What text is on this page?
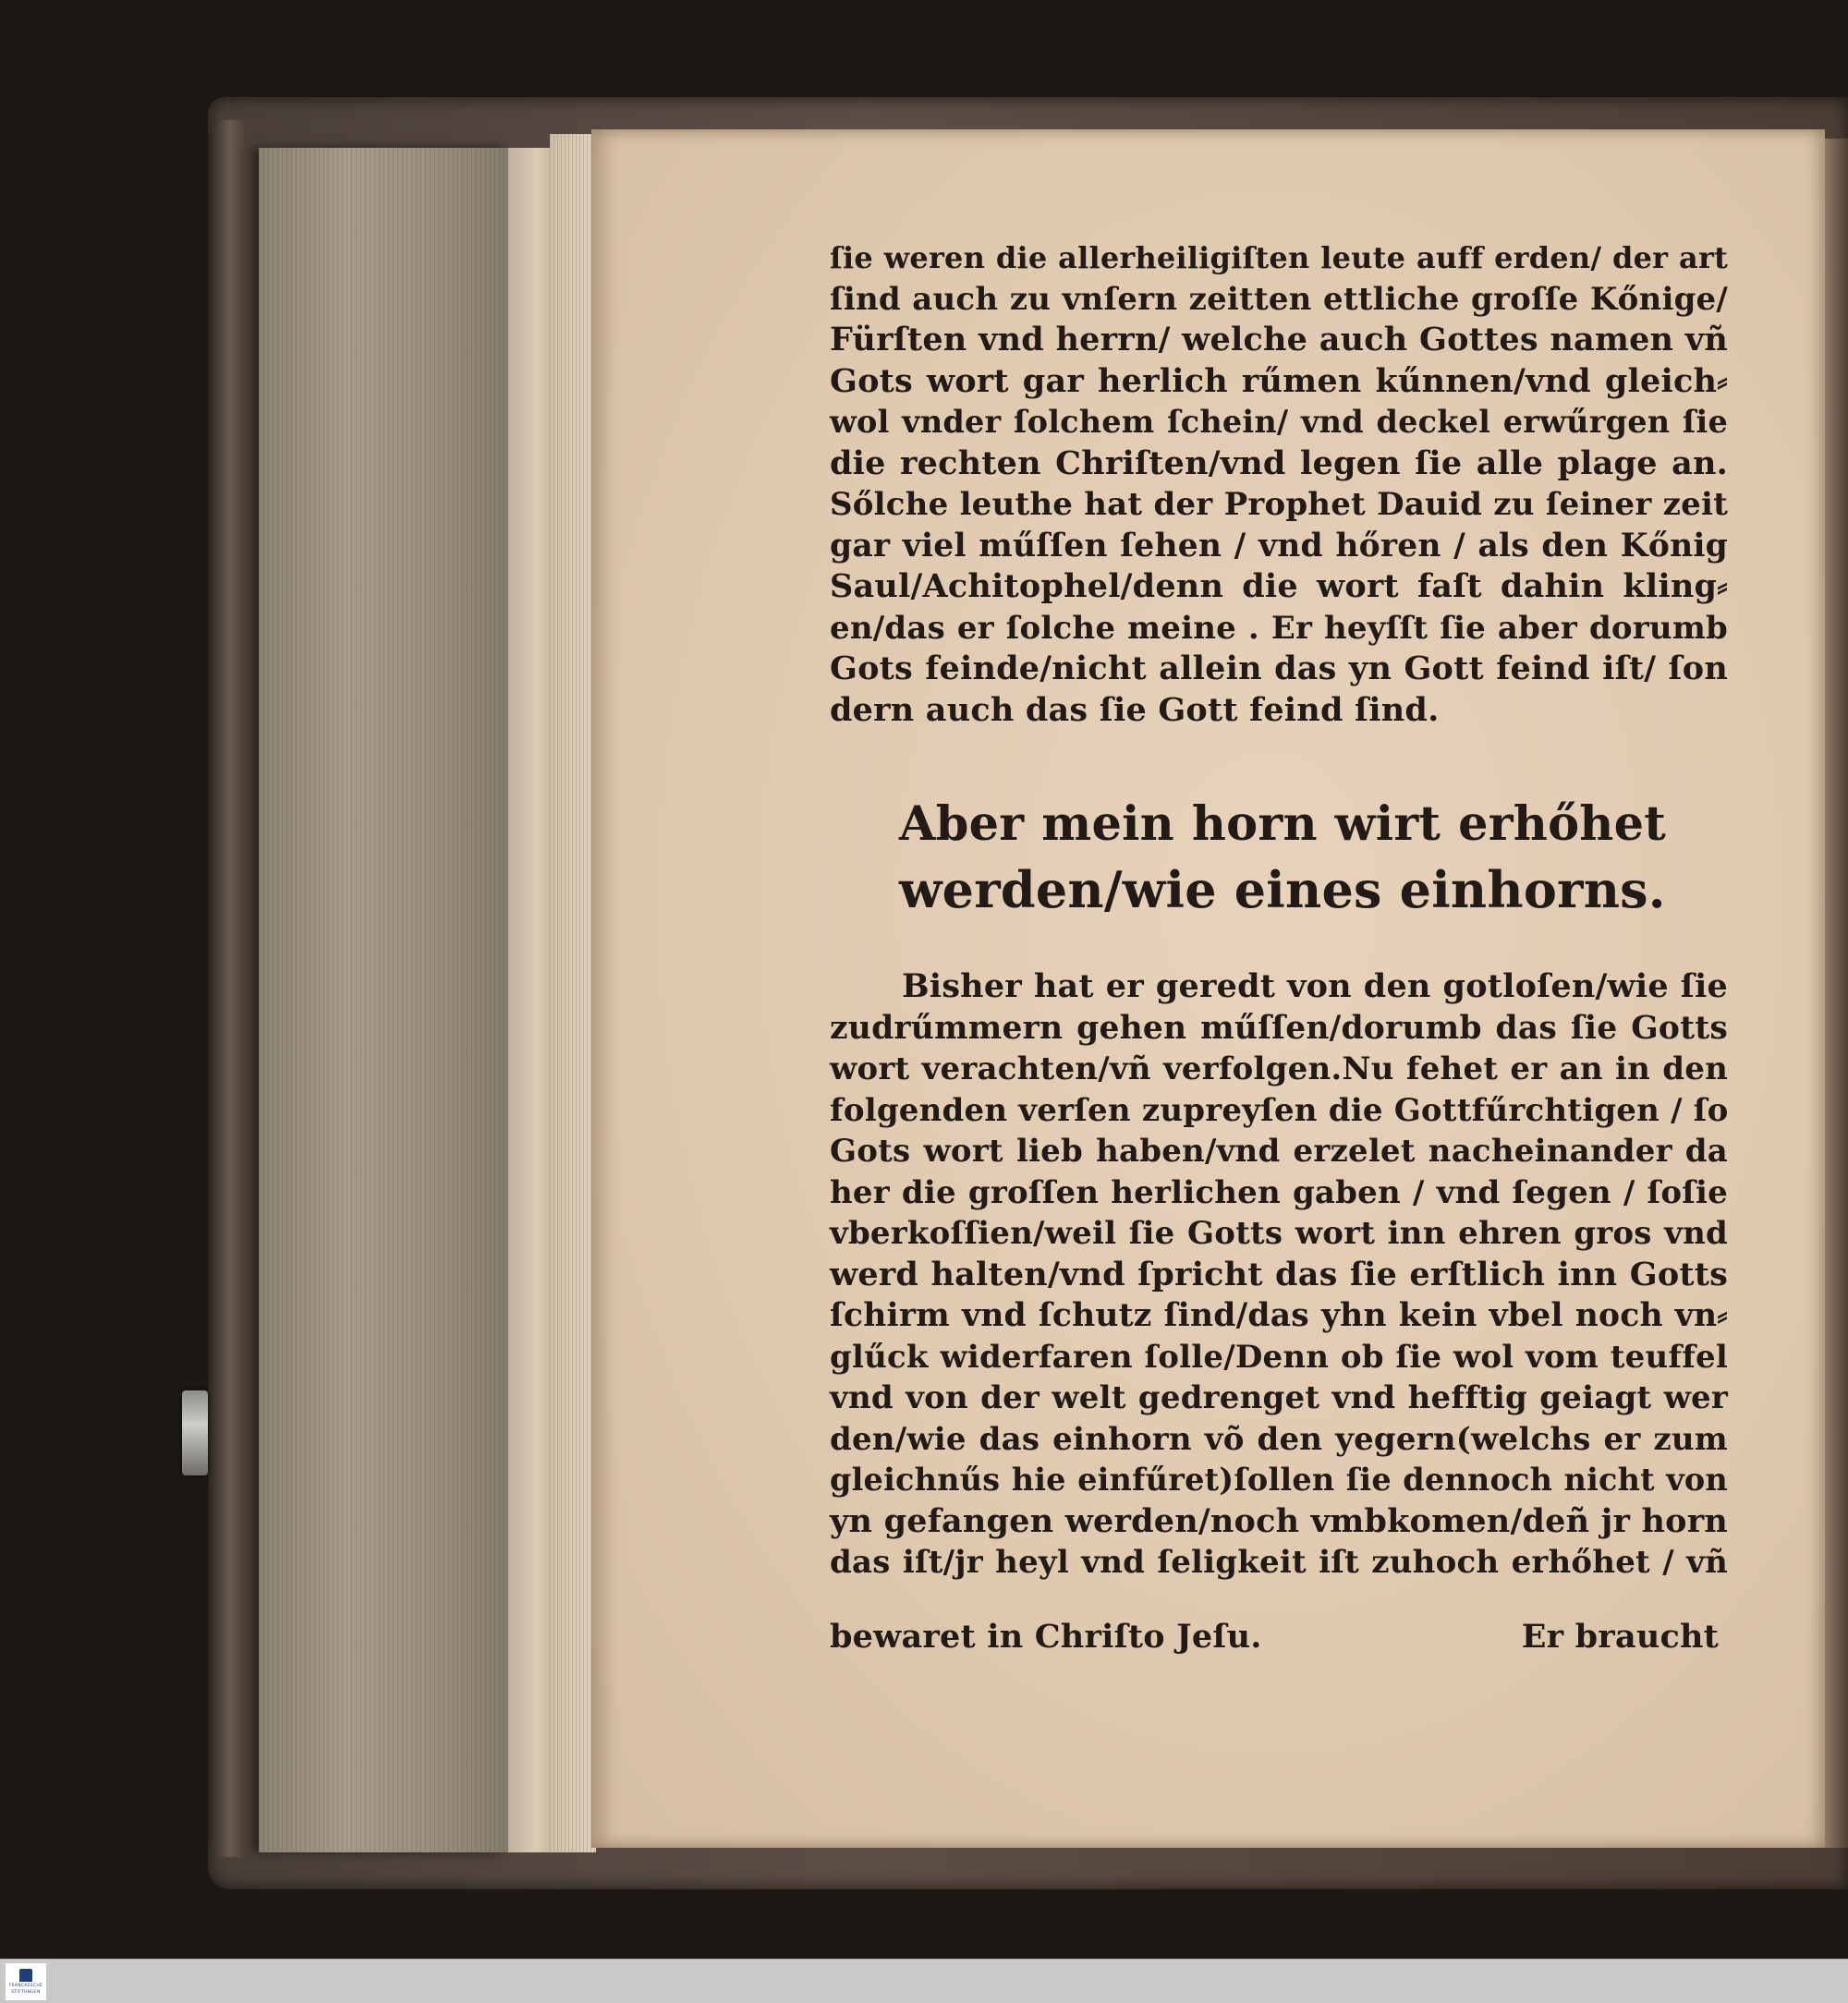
ſie weren die allerheiligiſten leute auff erden/ der art
ſind auch zu vnſern zeitten ettliche groſſe Kőnige/
Fürſten vnd herrn/ welche auch Gottes namen vñ
Gots wort gar herlich rűmen kűnnen/vnd gleich⸗
wol vnder ſolchem ſchein/ vnd deckel erwűrgen ſie
die rechten Chriſten/vnd legen ſie alle plage an.
Sőlche leuthe hat der Prophet Dauid zu ſeiner zeit
gar viel műſſen ſehen / vnd hőren / als den Kőnig
Saul/Achitophel/denn die wort faſt dahin kling⸗
en/das er ſolche meine . Er heyſſt ſie aber dorumb
Gots feinde/nicht allein das yn Gott feind iſt/ ſon
dern auch das ſie Gott feind ſind.
Aber mein horn wirt erhőhet
werden/wie eines einhorns.
Bisher hat er geredt von den gotloſen/wie ſie
zudrűmmern gehen műſſen/dorumb das ſie Gotts
wort verachten/vñ verfolgen.Nu fehet er an in den
folgenden verſen zupreyſen die Gottfűrchtigen / ſo
Gots wort lieb haben/vnd erzelet nacheinander da
her die groſſen herlichen gaben / vnd ſegen / ſoſie
vberkoſſien/weil ſie Gotts wort inn ehren gros vnd
werd halten/vnd ſpricht das ſie erſtlich inn Gotts
ſchirm vnd ſchutz ſind/das yhn kein vbel noch vn⸗
glűck widerfaren ſolle/Denn ob ſie wol vom teuffel
vnd von der welt gedrenget vnd hefftig geiagt wer
den/wie das einhorn võ den yegern(welchs er zum
gleichnűs hie einfűret)ſollen ſie dennoch nicht von
yn gefangen werden/noch vmbkomen/deñ jr horn
das iſt/jr heyl vnd ſeligkeit iſt zuhoch erhőhet / vñ
bewaret in Chriſto Jeſu.	Er braucht
FRANCKESCHE
STIFTUNGEN
